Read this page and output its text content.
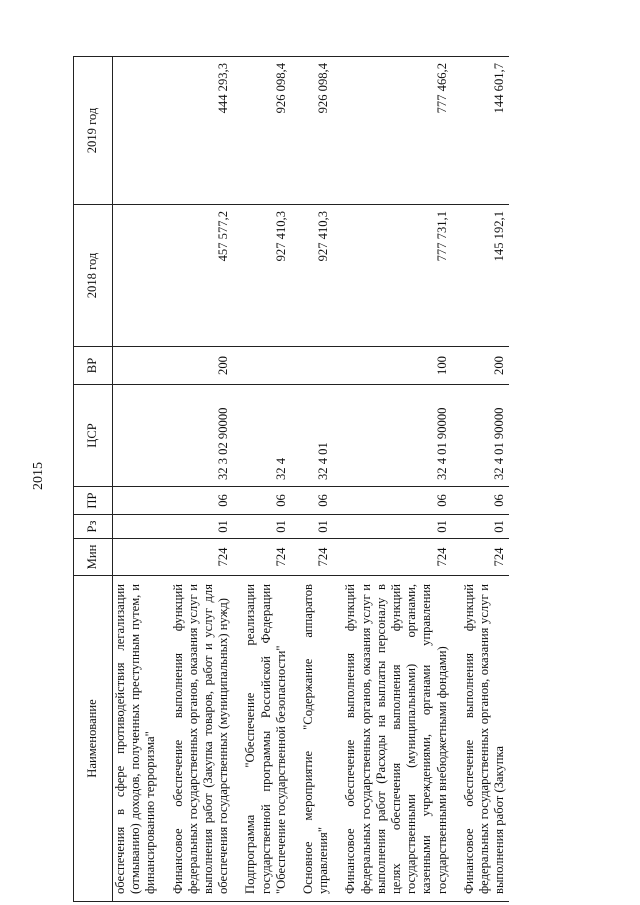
2015
Наименование	Мин	Рз	ПР	ЦСР	ВР	2018 год	2019 год
обеспечения в сфере противодействия легализации (отмыванию) доходов, полученных преступным путем, и финансированию терроризма"							

Финансовое обеспечение выполнения функций федеральных государственных органов, оказания услуг и выполнения работ (Закупка товаров, работ и услуг для обеспечения государственных (муниципальных) нужд)	724	01	06	32 3 02 90000	200	457 577,2	444 293,3

Подпрограмма "Обеспечение реализации государственной программы Российской Федерации "Обеспечение государственной безопасности"	724	01	06	32 4		927 410,3	926 098,4

Основное мероприятие "Содержание аппаратов управления"	724	01	06	32 4 01		927 410,3	926 098,4

Финансовое обеспечение выполнения функций федеральных государственных органов, оказания услуг и выполнения работ (Расходы на выплаты персоналу в целях обеспечения выполнения функций государственными (муниципальными) органами, казенными учреждениями, органами управления государственными внебюджетными фондами)	724	01	06	32 4 01 90000	100	777 731,1	777 466,2

Финансовое обеспечение выполнения функций федеральных государственных органов, оказания услуг и выполнения работ (Закупка	724	01	06	32 4 01 90000	200	145 192,1	144 601,7
